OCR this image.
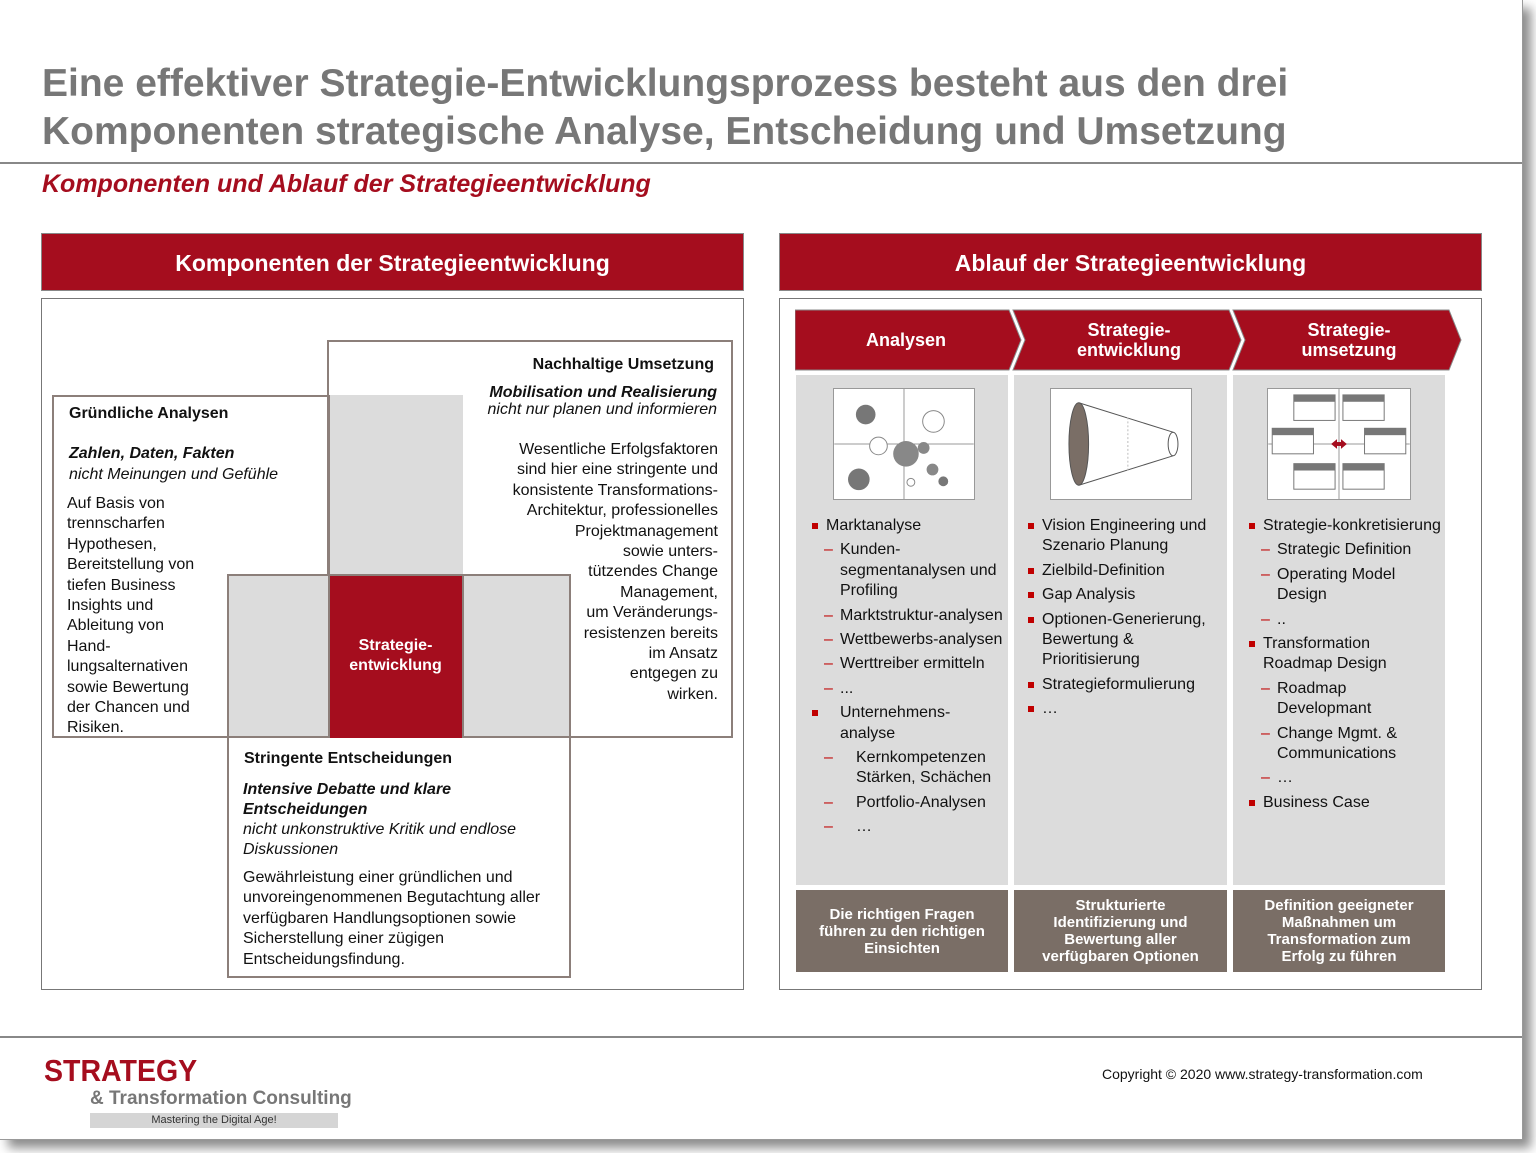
Eine effektiver Strategie-Entwicklungsprozess besteht aus den drei
Komponenten strategische Analyse, Entscheidung und Umsetzung
Komponenten und Ablauf der Strategieentwicklung
Komponenten der Strategieentwicklung
Strategie-
entwicklung
Gründliche Analysen
Zahlen, Daten, Fakten
nicht Meinungen und Gefühle
Auf Basis von
trennscharfen
Hypothesen,
Bereitstellung von
tiefen Business
Insights und
Ableitung von
Hand-
lungsalternativen
sowie Bewertung
der Chancen und
Risiken.
Nachhaltige Umsetzung
Mobilisation und Realisierung
nicht nur planen und informieren
Wesentliche Erfolgsfaktoren
sind hier eine stringente und
konsistente Transformations-
Architektur, professionelles
Projektmanagement
sowie unters-
tützendes Change
Management,
um Veränderungs-
resistenzen bereits
im Ansatz
entgegen zu
wirken.
Stringente Entscheidungen
Intensive Debatte und klare
Entscheidungen
nicht unkonstruktive Kritik und endlose
Diskussionen
Gewährleistung einer gründlichen und
unvoreingenommenen Begutachtung aller
verfügbaren Handlungsoptionen sowie
Sicherstellung einer zügigen
Entscheidungsfindung.
Ablauf der Strategieentwicklung
Analysen	Strategie-
entwicklung
Strategie-
umsetzung
Marktanalyse
– Kunden-segmentanalysen und Profiling
– Marktstruktur-analysen
– Wettbewerbs-analysen
– Werttreiber ermitteln
– ...
Unternehmens-analyse
– Kernkompetenzen Stärken, Schächen
– Portfolio-Analysen
– …
Vision Engineering und Szenario Planung
Zielbild-Definition
Gap Analysis
Optionen-Generierung, Bewertung & Prioritisierung
Strategieformulierung
…
Strategie-konkretisierung
– Strategic Definition
– Operating Model Design
– ..
Transformation Roadmap Design
– Roadmap Developmant
– Change Mgmt. & Communications
– …
Business Case
Die richtigen Fragen
führen zu den richtigen
Einsichten
Strukturierte
Identifizierung und
Bewertung aller
verfügbaren Optionen
Definition geeigneter
Maßnahmen um
Transformation zum
Erfolg zu führen
STRATEGY
& Transformation Consulting
Mastering the Digital Age!
Copyright © 2020 www.strategy-transformation.com
